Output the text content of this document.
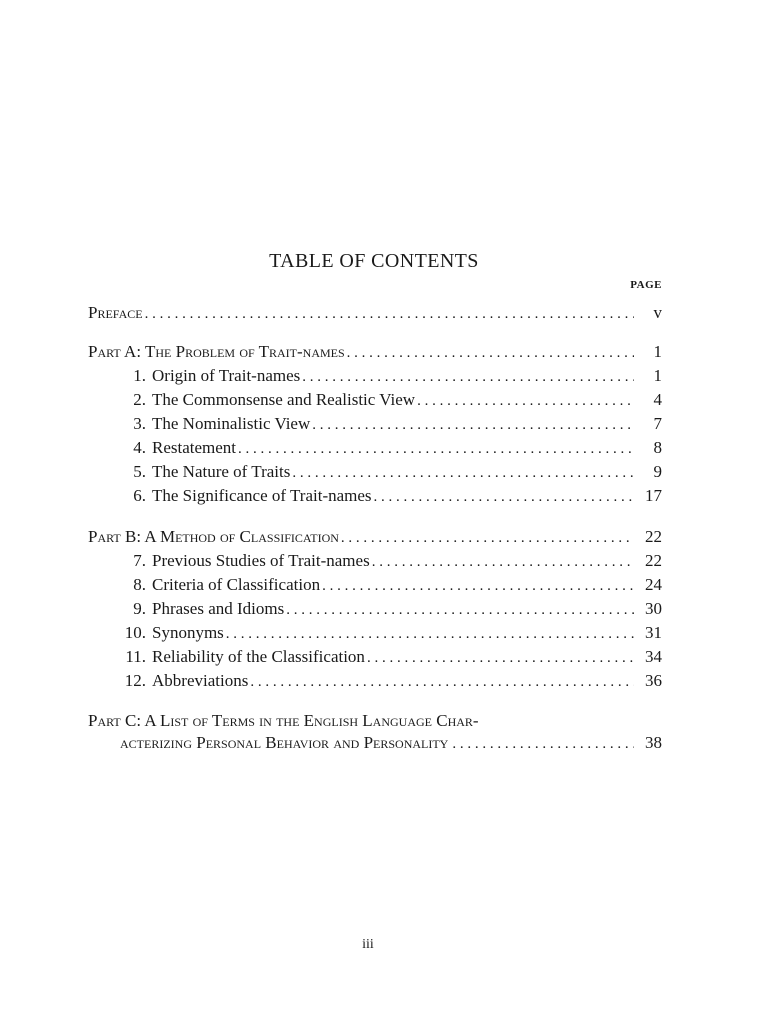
TABLE OF CONTENTS
PAGE
Preface . . .	v
Part A: The Problem of Trait-names . . .	1
1. Origin of Trait-names . . .	1
2. The Commonsense and Realistic View . . .	4
3. The Nominalistic View . . .	7
4. Restatement . . .	8
5. The Nature of Traits . . .	9
6. The Significance of Trait-names . . .	17
Part B: A Method of Classification . . .	22
7. Previous Studies of Trait-names . . .	22
8. Criteria of Classification . . .	24
9. Phrases and Idioms . . .	30
10. Synonyms . . .	31
11. Reliability of the Classification . . .	34
12. Abbreviations . . .	36
Part C: A List of Terms in the English Language Char-
acterizing Personal Behavior and Personality . . .	38
iii
